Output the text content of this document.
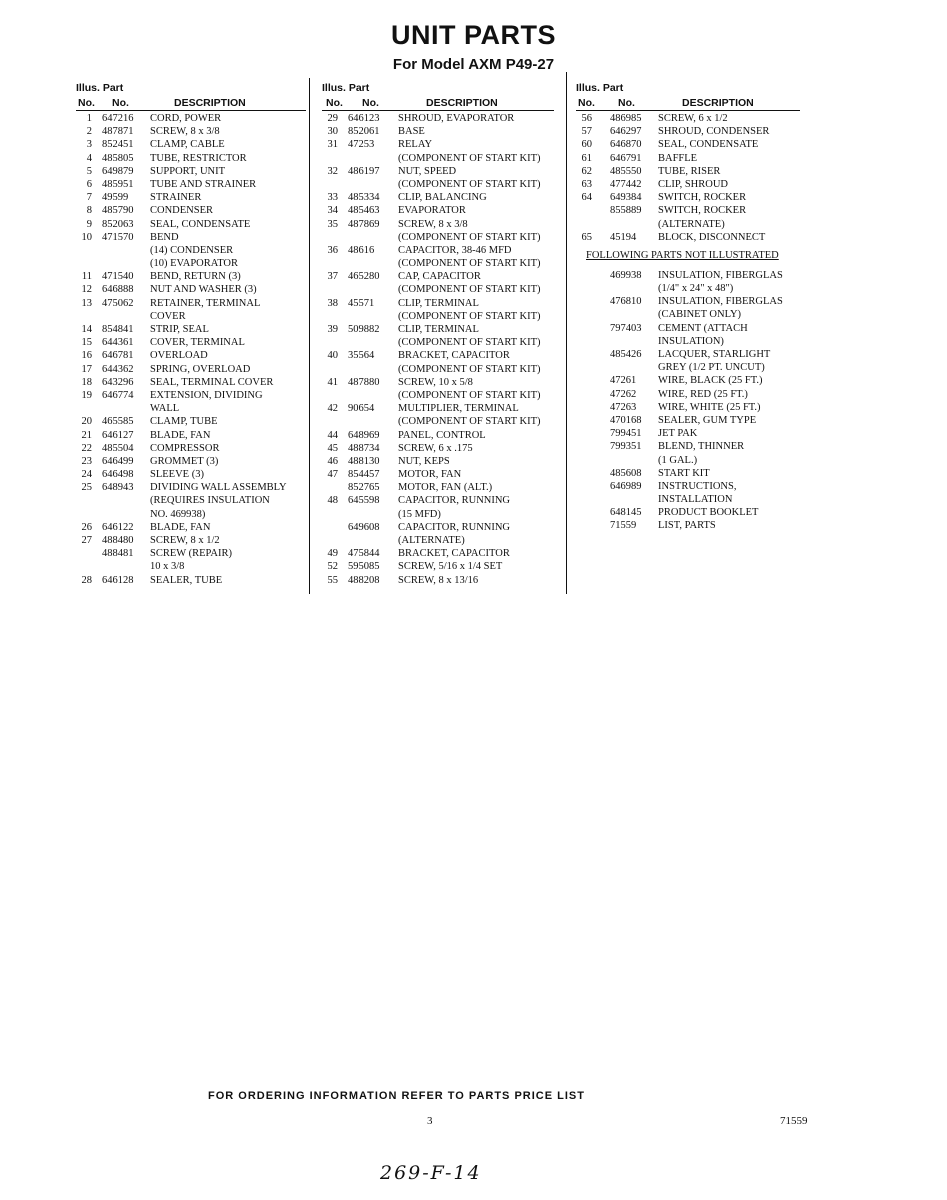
UNIT PARTS
For Model AXM P49-27
Illus. Part
No. No.	DESCRIPTION
1 647216 CORD, POWER
2 487871 SCREW, 8 x 3/8
3 852451 CLAMP, CABLE
4 485805 TUBE, RESTRICTOR
5 649879 SUPPORT, UNIT
6 485951 TUBE AND STRAINER
7 49599 STRAINER
8 485790 CONDENSER
9 852063 SEAL, CONDENSATE
10 471570 BEND
(14) CONDENSER
(10) EVAPORATOR
11 471540 BEND, RETURN (3)
12 646888 NUT AND WASHER (3)
13 475062 RETAINER, TERMINAL
COVER
14 854841 STRIP, SEAL
15 644361 COVER, TERMINAL
16 646781 OVERLOAD
17 644362 SPRING, OVERLOAD
18 643296 SEAL, TERMINAL COVER
19 646774 EXTENSION, DIVIDING
WALL
20 465585 CLAMP, TUBE
21 646127 BLADE, FAN
22 485504 COMPRESSOR
23 646499 GROMMET (3)
24 646498 SLEEVE (3)
25 648943 DIVIDING WALL ASSEMBLY
(REQUIRES INSULATION
NO. 469938)
26 646122 BLADE, FAN
27 488480 SCREW, 8 x 1/2
488481 SCREW (REPAIR)
10 x 3/8
28 646128 SEALER, TUBE
Illus. Part
No. No.	DESCRIPTION
29 646123 SHROUD, EVAPORATOR
30 852061 BASE
31 47253 RELAY
(COMPONENT OF START KIT)
32 486197 NUT, SPEED
(COMPONENT OF START KIT)
33 485334 CLIP, BALANCING
34 485463 EVAPORATOR
35 487869 SCREW, 8 x 3/8
(COMPONENT OF START KIT)
36 48616 CAPACITOR, 38-46 MFD
(COMPONENT OF START KIT)
37 465280 CAP, CAPACITOR
(COMPONENT OF START KIT)
38 45571 CLIP, TERMINAL
(COMPONENT OF START KIT)
39 509882 CLIP, TERMINAL
(COMPONENT OF START KIT)
40 35564 BRACKET, CAPACITOR
(COMPONENT OF START KIT)
41 487880 SCREW, 10 x 5/8
(COMPONENT OF START KIT)
42 90654 MULTIPLIER, TERMINAL
(COMPONENT OF START KIT)
44 648969 PANEL, CONTROL
45 488734 SCREW, 6 x .175
46 488130 NUT, KEPS
47 854457 MOTOR, FAN
852765 MOTOR, FAN (ALT.)
48 645598 CAPACITOR, RUNNING
(15 MFD)
649608 CAPACITOR, RUNNING
(ALTERNATE)
49 475844 BRACKET, CAPACITOR
52 595085 SCREW, 5/16 x 1/4 SET
55 488208 SCREW, 8 x 13/16
Illus. Part
No. No.	DESCRIPTION
56 486985 SCREW, 6 x 1/2
57 646297 SHROUD, CONDENSER
60 646870 SEAL, CONDENSATE
61 646791 BAFFLE
62 485550 TUBE, RISER
63 477442 CLIP, SHROUD
64 649384 SWITCH, ROCKER
855889 SWITCH, ROCKER
(ALTERNATE)
65 45194 BLOCK, DISCONNECT
FOLLOWING PARTS NOT ILLUSTRATED
469938 INSULATION, FIBERGLAS
(1/4" x 24" x 48")
476810 INSULATION, FIBERGLAS
(CABINET ONLY)
797403 CEMENT (ATTACH
INSULATION)
485426 LACQUER, STARLIGHT
GREY (1/2 PT. UNCUT)
47261 WIRE, BLACK (25 FT.)
47262 WIRE, RED (25 FT.)
47263 WIRE, WHITE (25 FT.)
470168 SEALER, GUM TYPE
799451 JET PAK
799351 BLEND, THINNER
(1 GAL.)
485608 START KIT
646989 INSTRUCTIONS,
INSTALLATION
648145 PRODUCT BOOKLET
71559 LIST, PARTS
FOR ORDERING INFORMATION REFER TO PARTS PRICE LIST
3	71559
269-F-14
